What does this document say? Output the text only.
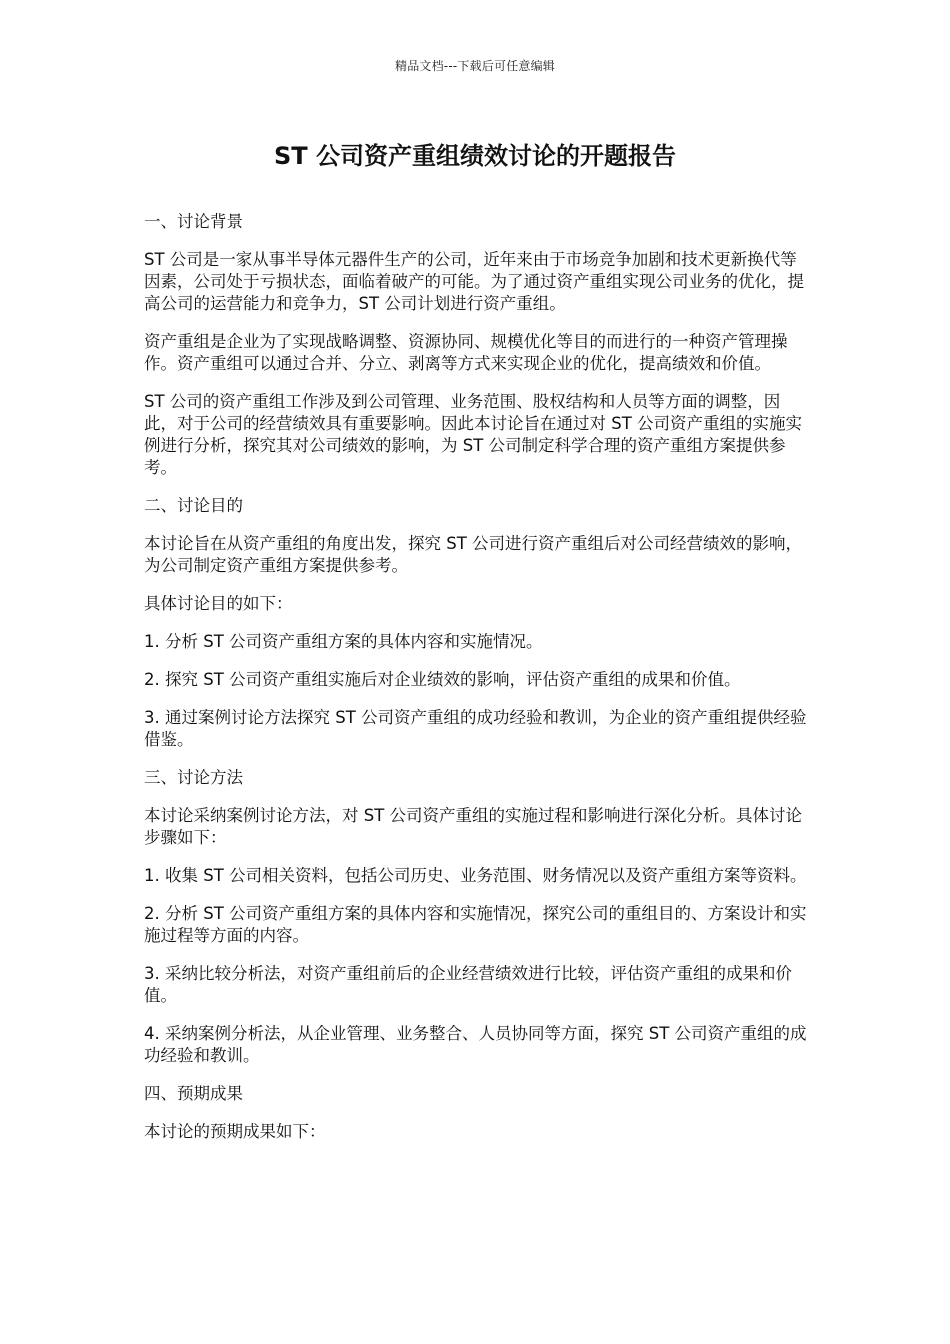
精品文档---下载后可任意编辑
ST 公司资产重组绩效讨论的开题报告

一、讨论背景

ST 公司是一家从事半导体元器件生产的公司，近年来由于市场竞争加剧和技术更新换代等因素，公司处于亏损状态，面临着破产的可能。为了通过资产重组实现公司业务的优化，提高公司的运营能力和竞争力，ST 公司计划进行资产重组。

资产重组是企业为了实现战略调整、资源协同、规模优化等目的而进行的一种资产管理操作。资产重组可以通过合并、分立、剥离等方式来实现企业的优化，提高绩效和价值。

ST 公司的资产重组工作涉及到公司管理、业务范围、股权结构和人员等方面的调整，因此，对于公司的经营绩效具有重要影响。因此本讨论旨在通过对 ST 公司资产重组的实施实例进行分析，探究其对公司绩效的影响，为 ST 公司制定科学合理的资产重组方案提供参考。

二、讨论目的

本讨论旨在从资产重组的角度出发，探究 ST 公司进行资产重组后对公司经营绩效的影响，为公司制定资产重组方案提供参考。

具体讨论目的如下：

1. 分析 ST 公司资产重组方案的具体内容和实施情况。

2. 探究 ST 公司资产重组实施后对企业绩效的影响，评估资产重组的成果和价值。

3. 通过案例讨论方法探究 ST 公司资产重组的成功经验和教训，为企业的资产重组提供经验借鉴。

三、讨论方法

本讨论采纳案例讨论方法，对 ST 公司资产重组的实施过程和影响进行深化分析。具体讨论步骤如下：

1. 收集 ST 公司相关资料，包括公司历史、业务范围、财务情况以及资产重组方案等资料。

2. 分析 ST 公司资产重组方案的具体内容和实施情况，探究公司的重组目的、方案设计和实施过程等方面的内容。

3. 采纳比较分析法，对资产重组前后的企业经营绩效进行比较，评估资产重组的成果和价值。

4. 采纳案例分析法，从企业管理、业务整合、人员协同等方面，探究 ST 公司资产重组的成功经验和教训。

四、预期成果

本讨论的预期成果如下：
